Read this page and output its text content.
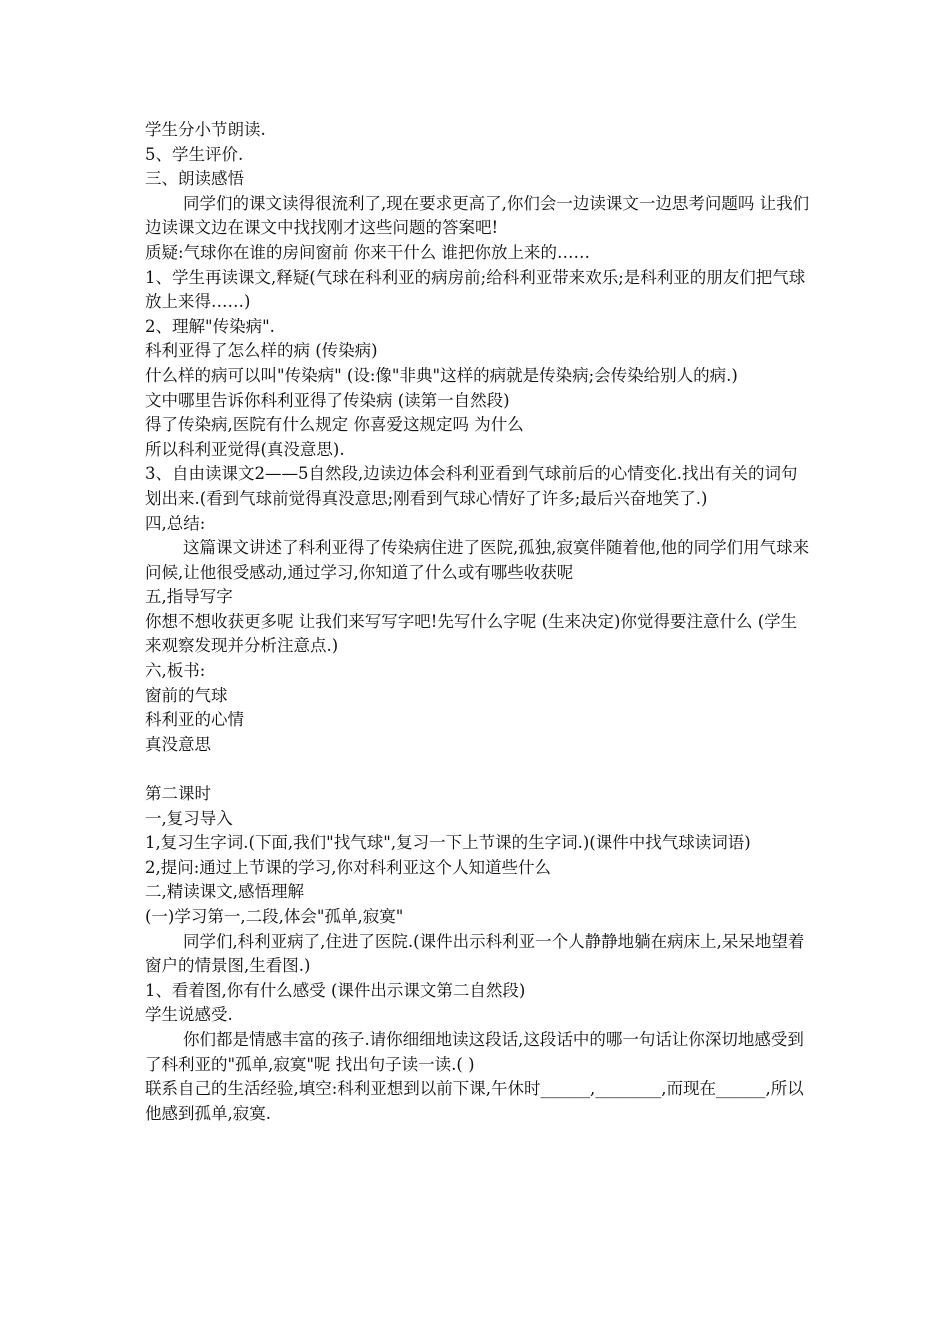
学生分小节朗读.
5、学生评价.
三、朗读感悟
同学们的课文读得很流利了,现在要求更高了,你们会一边读课文一边思考问题吗 让我们边读课文边在课文中找找刚才这些问题的答案吧!
质疑:气球你在谁的房间窗前 你来干什么 谁把你放上来的……
1、学生再读课文,释疑(气球在科利亚的病房前;给科利亚带来欢乐;是科利亚的朋友们把气球放上来得……)
2、理解"传染病".
科利亚得了怎么样的病 (传染病)
什么样的病可以叫"传染病" (设:像"非典"这样的病就是传染病;会传染给别人的病.)
文中哪里告诉你科利亚得了传染病 (读第一自然段)
得了传染病,医院有什么规定 你喜爱这规定吗 为什么
所以科利亚觉得(真没意思).
3、自由读课文2——5自然段,边读边体会科利亚看到气球前后的心情变化.找出有关的词句划出来.(看到气球前觉得真没意思;刚看到气球心情好了许多;最后兴奋地笑了.)
四,总结:
这篇课文讲述了科利亚得了传染病住进了医院,孤独,寂寞伴随着他,他的同学们用气球来问候,让他很受感动,通过学习,你知道了什么或有哪些收获呢
五,指导写字
你想不想收获更多呢 让我们来写写字吧!先写什么字呢 (生来决定)你觉得要注意什么 (学生来观察发现并分析注意点.)
六,板书:
窗前的气球
科利亚的心情
真没意思
第二课时
一,复习导入
1,复习生字词.(下面,我们"找气球",复习一下上节课的生字词.)(课件中找气球读词语)
2,提问:通过上节课的学习,你对科利亚这个人知道些什么
二,精读课文,感悟理解
(一)学习第一,二段,体会"孤单,寂寞"
同学们,科利亚病了,住进了医院.(课件出示科利亚一个人静静地躺在病床上,呆呆地望着窗户的情景图,生看图.)
1、看着图,你有什么感受 (课件出示课文第二自然段)
学生说感受.
你们都是情感丰富的孩子.请你细细地读这段话,这段话中的哪一句话让你深切地感受到了科利亚的"孤单,寂寞"呢 找出句子读一读.( )
联系自己的生活经验,填空:科利亚想到以前下课,午休时______,________,而现在______,所以他感到孤单,寂寞.
